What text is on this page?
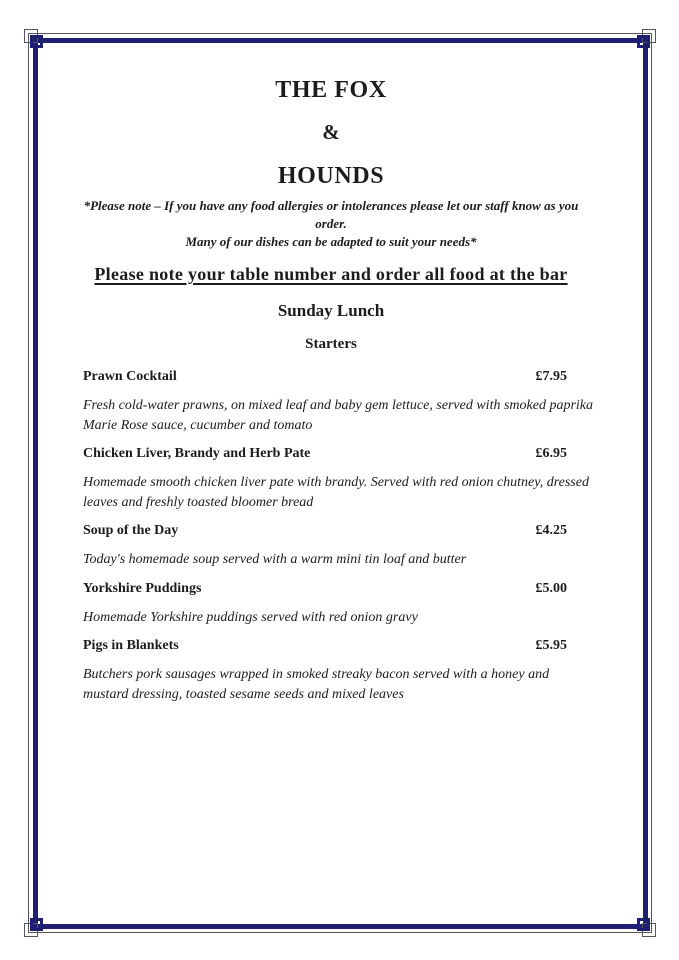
THE FOX
&
HOUNDS
*Please note – If you have any food allergies or intolerances please let our staff know as you order.
Many of our dishes can be adapted to suit your needs*
Please note your table number and order all food at the bar
Sunday Lunch
Starters
Prawn Cocktail	£7.95
Fresh cold-water prawns, on mixed leaf and baby gem lettuce, served with smoked paprika Marie Rose sauce, cucumber and tomato
Chicken Liver, Brandy and Herb Pate	£6.95
Homemade smooth chicken liver pate with brandy. Served with red onion chutney, dressed leaves and freshly toasted bloomer bread
Soup of the Day	£4.25
Today's homemade soup served with a warm mini tin loaf and butter
Yorkshire Puddings	£5.00
Homemade Yorkshire puddings served with red onion gravy
Pigs in Blankets	£5.95
Butchers pork sausages wrapped in smoked streaky bacon served with a honey and mustard dressing, toasted sesame seeds and mixed leaves
